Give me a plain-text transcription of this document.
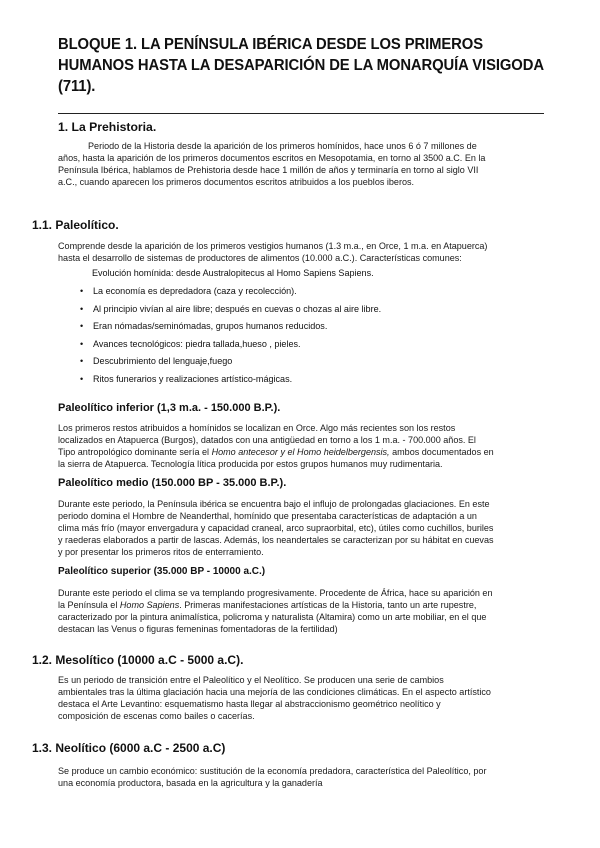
BLOQUE 1. LA PENÍNSULA IBÉRICA DESDE LOS PRIMEROS
HUMANOS HASTA LA DESAPARICIÓN DE LA MONARQUÍA VISIGODA
(711).
1. La Prehistoria.
Periodo de la Historia desde la aparición de los primeros homínidos, hace unos 6 ó 7 millones de
años, hasta la aparición de los primeros documentos escritos en Mesopotamia, en torno al 3500 a.C. En la
Península Ibérica, hablamos de Prehistoria desde hace 1 millón de años y terminaría en torno al siglo VII
a.C., cuando aparecen los primeros documentos escritos atribuidos a los pueblos iberos.
1.1. Paleolítico.
Comprende desde la aparición de los primeros vestigios humanos (1.3 m.a., en Orce, 1 m.a. en Atapuerca)
hasta el desarrollo de sistemas de productores de alimentos (10.000 a.C.). Características comunes:
Evolución homínida: desde Australopitecus al Homo Sapiens Sapiens.
• La economía es depredadora (caza y recolección).
• Al principio vivían al aire libre; después en cuevas o chozas al aire libre.
• Eran nómadas/seminómadas, grupos humanos reducidos.
• Avances tecnológicos: piedra tallada,hueso , pieles.
• Descubrimiento del lenguaje,fuego
• Ritos funerarios y realizaciones artístico-mágicas.
Paleolítico inferior (1,3 m.a. - 150.000 B.P.).
Los primeros restos atribuidos a homínidos se localizan en Orce. Algo más recientes son los restos
localizados en Atapuerca (Burgos), datados con una antigüedad en torno a los 1 m.a. - 700.000 años. El
Tipo antropológico dominante sería el Homo antecesor y el Homo heidelbergensis, ambos documentados en
la sierra de Atapuerca. Tecnología lítica producida por estos grupos humanos muy rudimentaria.
Paleolítico medio (150.000 BP - 35.000 B.P.).
Durante este periodo, la Península ibérica se encuentra bajo el influjo de prolongadas glaciaciones. En este
periodo domina el Hombre de Neanderthal, homínido que presentaba características de adaptación a un
clima más frío (mayor envergadura y capacidad craneal, arco supraorbital, etc), útiles como cuchillos, buriles
y raederas elaborados a partir de lascas. Además, los neandertales se caracterizan por su hábitat en cuevas
y por presentar los primeros ritos de enterramiento.
Paleolítico superior (35.000 BP - 10000 a.C.)
Durante este periodo el clima se va templando progresivamente. Procedente de África, hace su aparición en
la Península el Homo Sapiens. Primeras manifestaciones artísticas de la Historia, tanto un arte rupestre,
caracterizado por la pintura animalística, policroma y naturalista (Altamira) como un arte mobiliar, en el que
destacan las Venus o figuras femeninas fomentadoras de la fertilidad)
1.2. Mesolítico (10000 a.C - 5000 a.C).
Es un periodo de transición entre el Paleolítico y el Neolítico. Se producen una serie de cambios
ambientales tras la última glaciación hacia una mejoría de las condiciones climáticas. En el aspecto artístico
destaca el Arte Levantino: esquematismo hasta llegar al abstraccionismo geométrico neolítico y
composición de escenas como bailes o cacerías.
1.3. Neolítico (6000 a.C - 2500 a.C)
Se produce un cambio económico: sustitución de la economía predadora, característica del Paleolítico, por
una economía productora, basada en la agricultura y la ganadería
